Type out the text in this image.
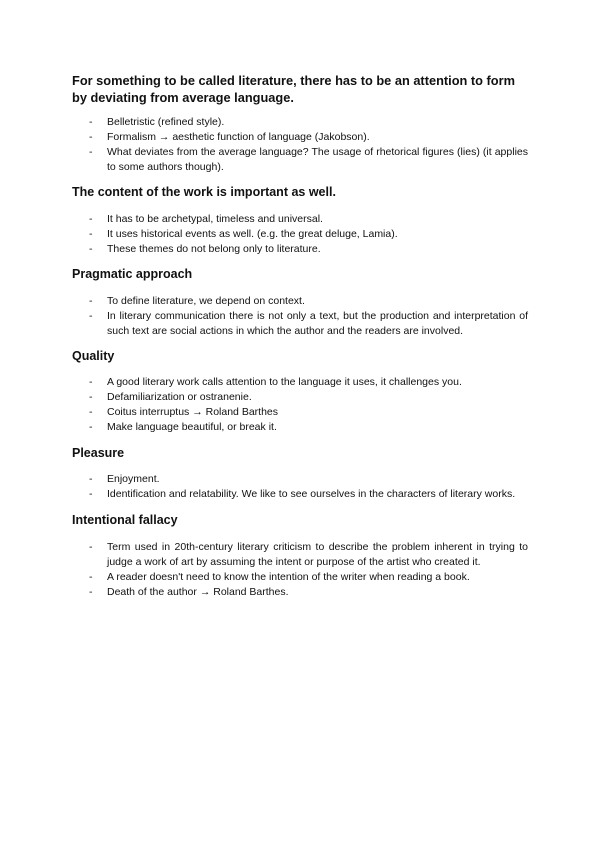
For something to be called literature, there has to be an attention to form by deviating from average language.

- Belletristic (refined style).
- Formalism → aesthetic function of language (Jakobson).
- What deviates from the average language? The usage of rhetorical figures (lies) (it applies to some authors though).

The content of the work is important as well.

- It has to be archetypal, timeless and universal.
- It uses historical events as well. (e.g. the great deluge, Lamia).
- These themes do not belong only to literature.

Pragmatic approach

- To define literature, we depend on context.
- In literary communication there is not only a text, but the production and interpretation of such text are social actions in which the author and the readers are involved.

Quality

- A good literary work calls attention to the language it uses, it challenges you.
- Defamiliarization or ostranenie.
- Coitus interruptus → Roland Barthes
- Make language beautiful, or break it.

Pleasure

- Enjoyment.
- Identification and relatability. We like to see ourselves in the characters of literary works.

Intentional fallacy

- Term used in 20th-century literary criticism to describe the problem inherent in trying to judge a work of art by assuming the intent or purpose of the artist who created it.
- A reader doesn't need to know the intention of the writer when reading a book.
- Death of the author → Roland Barthes.
